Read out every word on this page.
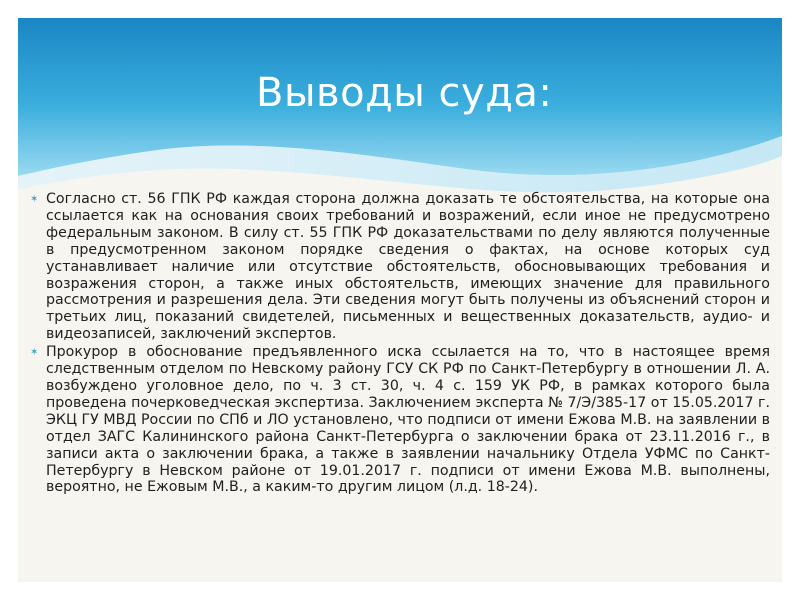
Выводы суда:

✶ Согласно ст. 56 ГПК РФ каждая сторона должна доказать те обстоятельства, на которые она ссылается как на основания своих требований и возражений, если иное не предусмотрено федеральным законом. В силу ст. 55 ГПК РФ доказательствами по делу являются полученные в предусмотренном законом порядке сведения о фактах, на основе которых суд устанавливает наличие или отсутствие обстоятельств, обосновывающих требования и возражения сторон, а также иных обстоятельств, имеющих значение для правильного рассмотрения и разрешения дела. Эти сведения могут быть получены из объяснений сторон и третьих лиц, показаний свидетелей, письменных и вещественных доказательств, аудио- и видеозаписей, заключений экспертов.

✶ Прокурор в обоснование предъявленного иска ссылается на то, что в настоящее время следственным отделом по Невскому району ГСУ СК РФ по Санкт-Петербургу в отношении Л. А. возбуждено уголовное дело, по ч. 3 ст. 30, ч. 4 с. 159 УК РФ, в рамках которого была проведена почерковедческая экспертиза. Заключением эксперта № 7/Э/385-17 от 15.05.2017 г. ЭКЦ ГУ МВД России по СПб и ЛО установлено, что подписи от имени Ежова М.В. на заявлении в отдел ЗАГС Калининского района Санкт-Петербурга о заключении брака от 23.11.2016 г., в записи акта о заключении брака, а также в заявлении начальнику Отдела УФМС по Санкт-Петербургу в Невском районе от 19.01.2017 г. подписи от имени Ежова М.В. выполнены, вероятно, не Ежовым М.В., а каким-то другим лицом (л.д. 18-24).
